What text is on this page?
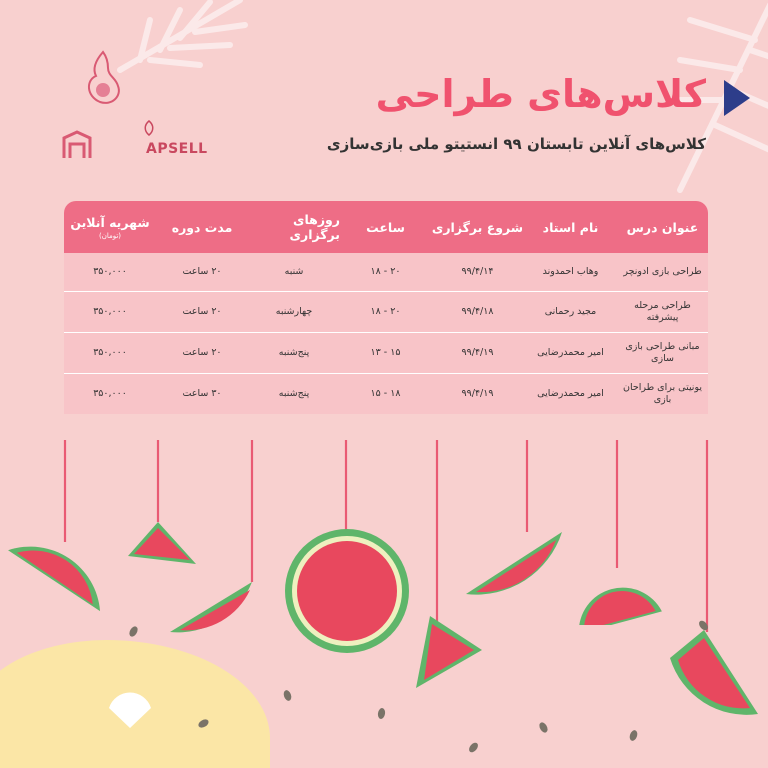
APSELL
کلاس‌های طراحی
کلاس‌های آنلاین تابستان ۹۹ انستیتو ملی بازی‌سازی
عنوان درس
نام استاد
شروع برگزاری
ساعت
روزهای برگزاری
مدت دوره
شهریه آنلاین
(تومان)
طراحی بازی ادونچر
وهاب احمدوند
۹۹/۴/۱۴
۲۰ - ۱۸
شنبه
۲۰ ساعت
۳۵۰,۰۰۰
طراحی مرحله پیشرفته
مجید رحمانی
۹۹/۴/۱۸
۲۰ - ۱۸
چهارشنبه
۲۰ ساعت
۳۵۰,۰۰۰
مبانی طراحی بازی سازی
امیر محمدرضایی
۹۹/۴/۱۹
۱۵ - ۱۳
پنج‌شنبه
۲۰ ساعت
۳۵۰,۰۰۰
یونیتی برای طراحان بازی
امیر محمدرضایی
۹۹/۴/۱۹
۱۸ - ۱۵
پنج‌شنبه
۳۰ ساعت
۳۵۰,۰۰۰
